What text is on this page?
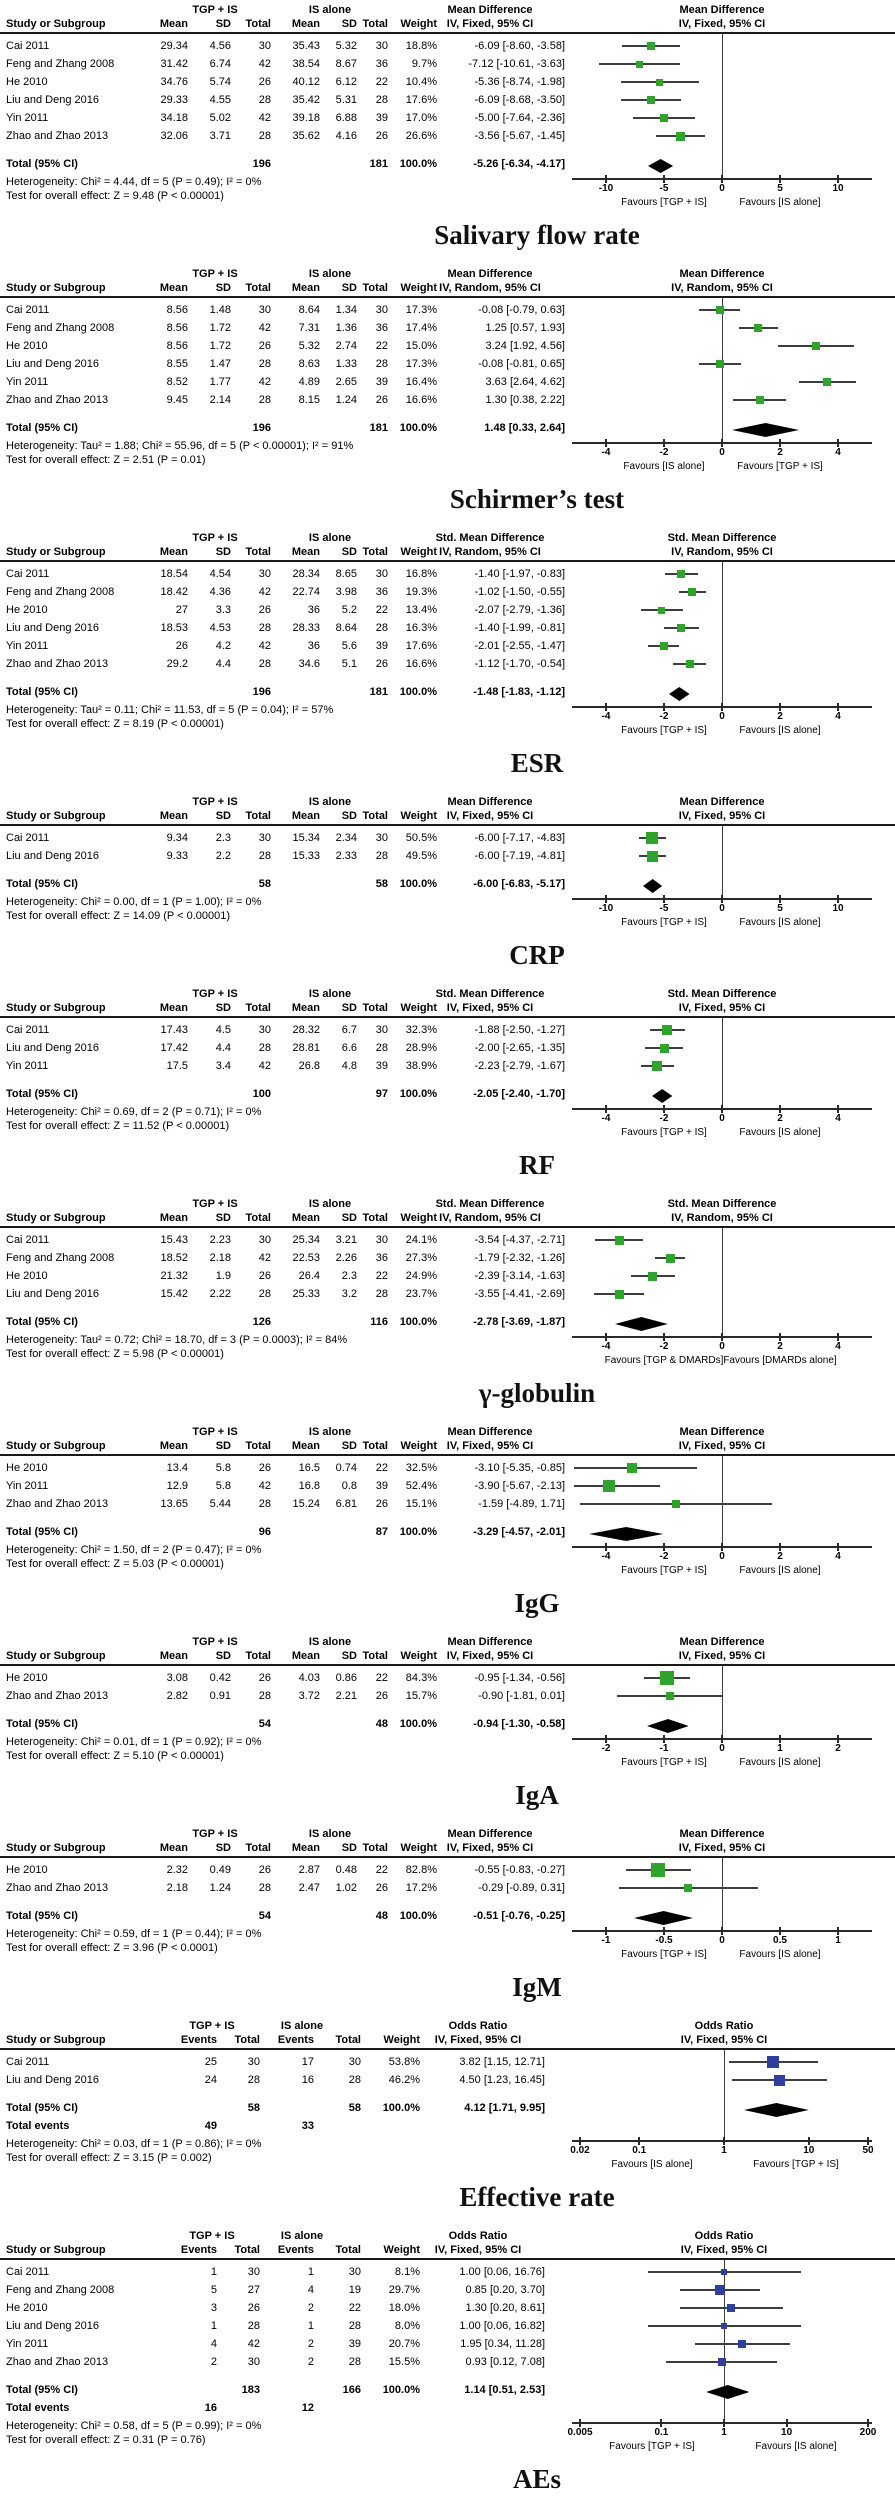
TGP + IS	IS alone	Mean Difference	Mean Difference
Study or Subgroup	Mean	SD	Total	Mean	SD Total	Weight IV, Fixed, 95% CI	IV, Fixed, 95% CI
Cai 2011	29.34	4.56	30	35.43	5.32	30	18.8%	-6.09 [-8.60, -3.58]
Feng and Zhang 2008	31.42	6.74	42	38.54	8.67	36	9.7%	-7.12 [-10.61, -3.63]
He 2010	34.76	5.74	26	40.12	6.12	22	10.4%	-5.36 [-8.74, -1.98]
Liu and Deng 2016	29.33	4.55	28	35.42	5.31	28	17.6%	-6.09 [-8.68, -3.50]
Yin 2011	34.18	5.02	42	39.18	6.88	39	17.0%	-5.00 [-7.64, -2.36]
Zhao and Zhao 2013	32.06	3.71	28	35.62	4.16	26	26.6%	-3.56 [-5.67, -1.45]
Total (95% CI)	196	181	100.0%	-5.26 [-6.34, -4.17]
Heterogeneity: Chi² = 4.44, df = 5 (P = 0.49); I² = 0%
Test for overall effect: Z = 9.48 (P < 0.00001)
-10	-5	0	5	10
Favours [TGP + IS]	Favours [IS alone]
Salivary flow rate
TGP + IS	IS alone	Mean Difference	Mean Difference
Study or Subgroup	Mean	SD	Total	Mean	SD Total	Weight IV, Random, 95% CI	IV, Random, 95% CI
Cai 2011	8.56	1.48	30	8.64	1.34	30	17.3%	-0.08 [-0.79, 0.63]
Feng and Zhang 2008	8.56	1.72	42	7.31	1.36	36	17.4%	1.25 [0.57, 1.93]
He 2010	8.56	1.72	26	5.32	2.74	22	15.0%	3.24 [1.92, 4.56]
Liu and Deng 2016	8.55	1.47	28	8.63	1.33	28	17.3%	-0.08 [-0.81, 0.65]
Yin 2011	8.52	1.77	42	4.89	2.65	39	16.4%	3.63 [2.64, 4.62]
Zhao and Zhao 2013	9.45	2.14	28	8.15	1.24	26	16.6%	1.30 [0.38, 2.22]
Total (95% CI)	196	181	100.0%	1.48 [0.33, 2.64]
Heterogeneity: Tau² = 1.88; Chi² = 55.96, df = 5 (P < 0.00001); I² = 91%
Test for overall effect: Z = 2.51 (P = 0.01)
-4	-2	0	2	4
Favours [IS alone]	Favours [TGP + IS]
Schirmer’s test
TGP + IS	IS alone	Std. Mean Difference	Std. Mean Difference
Study or Subgroup	Mean	SD	Total	Mean	SD Total	Weight IV, Random, 95% CI	IV, Random, 95% CI
Cai 2011	18.54	4.54	30	28.34	8.65	30	16.8%	-1.40 [-1.97, -0.83]
Feng and Zhang 2008	18.42	4.36	42	22.74	3.98	36	19.3%	-1.02 [-1.50, -0.55]
He 2010	27	3.3	26	36	5.2	22	13.4%	-2.07 [-2.79, -1.36]
Liu and Deng 2016	18.53	4.53	28	28.33	8.64	28	16.3%	-1.40 [-1.99, -0.81]
Yin 2011	26	4.2	42	36	5.6	39	17.6%	-2.01 [-2.55, -1.47]
Zhao and Zhao 2013	29.2	4.4	28	34.6	5.1	26	16.6%	-1.12 [-1.70, -0.54]
Total (95% CI)	196	181	100.0%	-1.48 [-1.83, -1.12]
Heterogeneity: Tau² = 0.11; Chi² = 11.53, df = 5 (P = 0.04); I² = 57%
Test for overall effect: Z = 8.19 (P < 0.00001)
-4	-2	0	2	4
Favours [TGP + IS]	Favours [IS alone]
ESR
TGP + IS	IS alone	Mean Difference	Mean Difference
Study or Subgroup	Mean	SD	Total	Mean	SD Total	Weight IV, Fixed, 95% CI	IV, Fixed, 95% CI
Cai 2011	9.34	2.3	30	15.34	2.34	30	50.5%	-6.00 [-7.17, -4.83]
Liu and Deng 2016	9.33	2.2	28	15.33	2.33	28	49.5%	-6.00 [-7.19, -4.81]
Total (95% CI)	58	58	100.0%	-6.00 [-6.83, -5.17]
Heterogeneity: Chi² = 0.00, df = 1 (P = 1.00); I² = 0%
Test for overall effect: Z = 14.09 (P < 0.00001)
-10	-5	0	5	10
Favours [TGP + IS]	Favours [IS alone]
CRP
TGP + IS	IS alone	Std. Mean Difference	Std. Mean Difference
Study or Subgroup	Mean	SD	Total	Mean	SD Total	Weight IV, Fixed, 95% CI	IV, Fixed, 95% CI
Cai 2011	17.43	4.5	30	28.32	6.7	30	32.3%	-1.88 [-2.50, -1.27]
Liu and Deng 2016	17.42	4.4	28	28.81	6.6	28	28.9%	-2.00 [-2.65, -1.35]
Yin 2011	17.5	3.4	42	26.8	4.8	39	38.9%	-2.23 [-2.79, -1.67]
Total (95% CI)	100	97	100.0%	-2.05 [-2.40, -1.70]
Heterogeneity: Chi² = 0.69, df = 2 (P = 0.71); I² = 0%
Test for overall effect: Z = 11.52 (P < 0.00001)
-4	-2	0	2	4
Favours [TGP + IS]	Favours [IS alone]
RF
TGP + IS	IS alone	Std. Mean Difference	Std. Mean Difference
Study or Subgroup	Mean	SD	Total	Mean	SD Total	Weight IV, Random, 95% CI	IV, Random, 95% CI
Cai 2011	15.43	2.23	30	25.34	3.21	30	24.1%	-3.54 [-4.37, -2.71]
Feng and Zhang 2008	18.52	2.18	42	22.53	2.26	36	27.3%	-1.79 [-2.32, -1.26]
He 2010	21.32	1.9	26	26.4	2.3	22	24.9%	-2.39 [-3.14, -1.63]
Liu and Deng 2016	15.42	2.22	28	25.33	3.2	28	23.7%	-3.55 [-4.41, -2.69]
Total (95% CI)	126	116	100.0%	-2.78 [-3.69, -1.87]
Heterogeneity: Tau² = 0.72; Chi² = 18.70, df = 3 (P = 0.0003); I² = 84%
Test for overall effect: Z = 5.98 (P < 0.00001)
-4	-2	0	2	4
Favours [TGP & DMARDs] Favours [DMARDs alone]
γ-globulin
TGP + IS	IS alone	Mean Difference	Mean Difference
Study or Subgroup	Mean	SD	Total	Mean	SD Total	Weight IV, Fixed, 95% CI	IV, Fixed, 95% CI
He 2010	13.4	5.8	26	16.5	0.74	22	32.5%	-3.10 [-5.35, -0.85]
Yin 2011	12.9	5.8	42	16.8	0.8	39	52.4%	-3.90 [-5.67, -2.13]
Zhao and Zhao 2013	13.65	5.44	28	15.24	6.81	26	15.1%	-1.59 [-4.89, 1.71]
Total (95% CI)	96	87	100.0%	-3.29 [-4.57, -2.01]
Heterogeneity: Chi² = 1.50, df = 2 (P = 0.47); I² = 0%
Test for overall effect: Z = 5.03 (P < 0.00001)
-4	-2	0	2	4
Favours [TGP + IS]	Favours [IS alone]
IgG
TGP + IS	IS alone	Mean Difference	Mean Difference
Study or Subgroup	Mean	SD	Total	Mean	SD Total	Weight IV, Fixed, 95% CI	IV, Fixed, 95% CI
He 2010	3.08	0.42	26	4.03	0.86	22	84.3%	-0.95 [-1.34, -0.56]
Zhao and Zhao 2013	2.82	0.91	28	3.72	2.21	26	15.7%	-0.90 [-1.81, 0.01]
Total (95% CI)	54	48	100.0%	-0.94 [-1.30, -0.58]
Heterogeneity: Chi² = 0.01, df = 1 (P = 0.92); I² = 0%
Test for overall effect: Z = 5.10 (P < 0.00001)
-2	-1	0	1	2
Favours [TGP + IS]	Favours [IS alone]
IgA
TGP + IS	IS alone	Mean Difference	Mean Difference
Study or Subgroup	Mean	SD	Total	Mean	SD Total	Weight IV, Fixed, 95% CI	IV, Fixed, 95% CI
He 2010	2.32	0.49	26	2.87	0.48	22	82.8%	-0.55 [-0.83, -0.27]
Zhao and Zhao 2013	2.18	1.24	28	2.47	1.02	26	17.2%	-0.29 [-0.89, 0.31]
Total (95% CI)	54	48	100.0%	-0.51 [-0.76, -0.25]
Heterogeneity: Chi² = 0.59, df = 1 (P = 0.44); I² = 0%
Test for overall effect: Z = 3.96 (P < 0.0001)
-1	-0.5	0	0.5	1
Favours [TGP + IS]	Favours [IS alone]
IgM
TGP + IS	IS alone	Odds Ratio	Odds Ratio
Study or Subgroup	Events	Total	Events	Total	Weight	IV, Fixed, 95% CI	IV, Fixed, 95% CI
Cai 2011	25	30	17	30	53.8%	3.82 [1.15, 12.71]
Liu and Deng 2016	24	28	16	28	46.2%	4.50 [1.23, 16.45]
Total (95% CI)	58	58	100.0%	4.12 [1.71, 9.95]
Total events	49	33
Heterogeneity: Chi² = 0.03, df = 1 (P = 0.86); I² = 0%
Test for overall effect: Z = 3.15 (P = 0.002)
0.02	0.1	1	10	50
Favours [IS alone]	Favours [TGP + IS]
Effective rate
TGP + IS	IS alone	Odds Ratio	Odds Ratio
Study or Subgroup	Events	Total	Events	Total	Weight	IV, Fixed, 95% CI	IV, Fixed, 95% CI
Cai 2011	1	30	1	30	8.1%	1.00 [0.06, 16.76]
Feng and Zhang 2008	5	27	4	19	29.7%	0.85 [0.20, 3.70]
He 2010	3	26	2	22	18.0%	1.30 [0.20, 8.61]
Liu and Deng 2016	1	28	1	28	8.0%	1.00 [0.06, 16.82]
Yin 2011	4	42	2	39	20.7%	1.95 [0.34, 11.28]
Zhao and Zhao 2013	2	30	2	28	15.5%	0.93 [0.12, 7.08]
Total (95% CI)	183	166	100.0%	1.14 [0.51, 2.53]
Total events	16	12
Heterogeneity: Chi² = 0.58, df = 5 (P = 0.99); I² = 0%
Test for overall effect: Z = 0.31 (P = 0.76)
0.005	0.1	1	10	200
Favours [TGP + IS]	Favours [IS alone]
AEs
